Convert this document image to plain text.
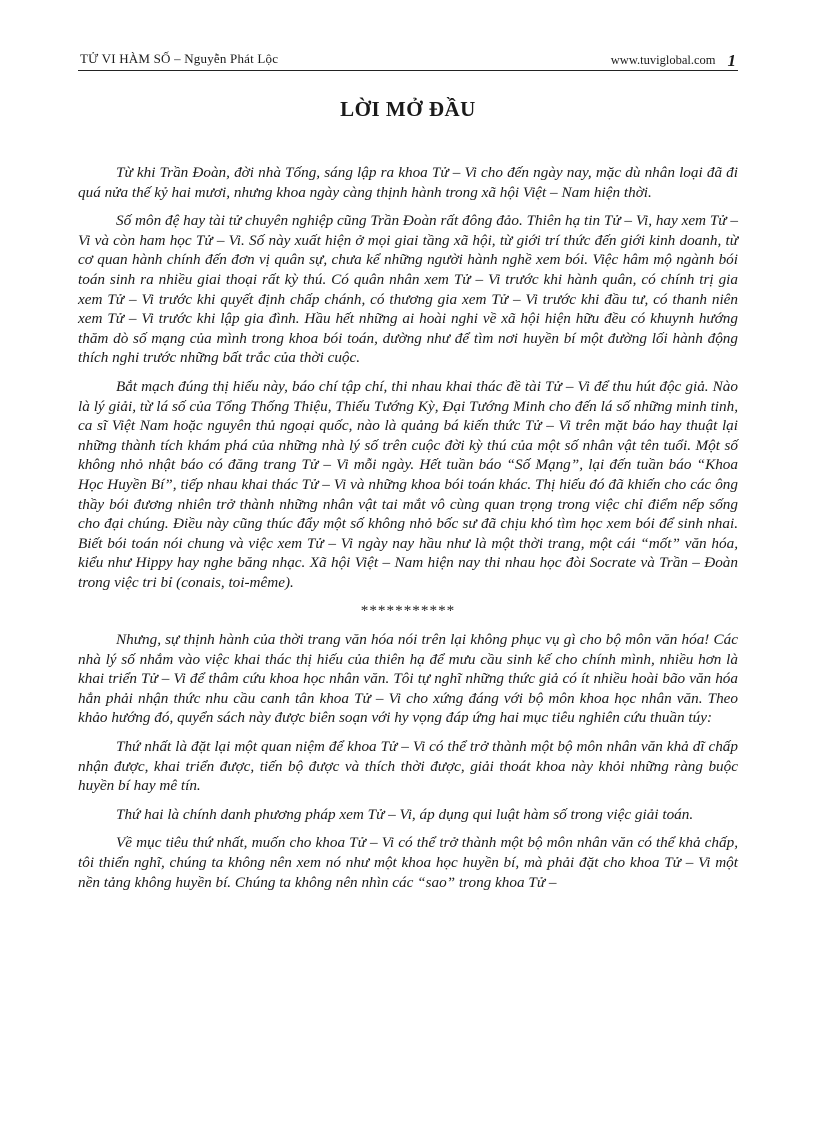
TỬ VI HÀM SỐ – Nguyễn Phát Lộc	www.tuviglobal.com 1
LỜI MỞ ĐẦU

Từ khi Trần Đoàn, đời nhà Tống, sáng lập ra khoa Tử – Vi cho đến ngày nay, mặc dù nhân loại đã đi quá nửa thế kỷ hai mươi, nhưng khoa ngày càng thịnh hành trong xã hội Việt – Nam hiện thời.

Số môn đệ hay tài tử chuyên nghiệp cũng Trần Đoàn rất đông đảo. Thiên hạ tin Tử – Vi, hay xem Tử – Vi và còn ham học Tử – Vi. Số này xuất hiện ở mọi giai tầng xã hội, từ giới trí thức đến giới kinh doanh, từ cơ quan hành chính đến đơn vị quân sự, chưa kể những người hành nghề xem bói. Việc hâm mộ ngành bói toán sinh ra nhiều giai thoại rất kỳ thú. Có quân nhân xem Tử – Vi trước khi hành quân, có chính trị gia xem Tử – Vi trước khi quyết định chấp chánh, có thương gia xem Tử – Vi trước khi đầu tư, có thanh niên xem Tử – Vi trước khi lập gia đình. Hầu hết những ai hoài nghi về xã hội hiện hữu đều có khuynh hướng thăm dò số mạng của mình trong khoa bói toán, dường như để tìm nơi huyền bí một đường lối hành động thích nghi trước những bất trắc của thời cuộc.

Bắt mạch đúng thị hiếu này, báo chí tập chí, thi nhau khai thác đề tài Tử – Vi để thu hút độc giả. Nào là lý giải, từ lá số của Tổng Thống Thiệu, Thiếu Tướng Kỳ, Đại Tướng Minh cho đến lá số những minh tinh, ca sĩ Việt Nam hoặc nguyên thủ ngoại quốc, nào là quảng bá kiến thức Tử – Vi trên mặt báo hay thuật lại những thành tích khám phá của những nhà lý số trên cuộc đời kỳ thú của một số nhân vật tên tuổi. Một số không nhỏ nhật báo có đăng trang Tử – Vi mỗi ngày. Hết tuần báo “Số Mạng”, lại đến tuần báo “Khoa Học Huyền Bí”, tiếp nhau khai thác Tử – Vi và những khoa bói toán khác. Thị hiếu đó đã khiến cho các ông thầy bói đương nhiên trở thành những nhân vật tai mắt vô cùng quan trọng trong việc chỉ điểm nếp sống cho đại chúng. Điều này cũng thúc đẩy một số không nhỏ bốc sư đã chịu khó tìm học xem bói để sinh nhai. Biết bói toán nói chung và việc xem Tử – Vi ngày nay hầu như là một thời trang, một cái “mốt” văn hóa, kiểu như Hippy hay nghe băng nhạc. Xã hội Việt – Nam hiện nay thi nhau học đòi Socrate và Trần – Đoàn trong việc tri bỉ (conais, toi-même).

***********

Nhưng, sự thịnh hành của thời trang văn hóa nói trên lại không phục vụ gì cho bộ môn văn hóa! Các nhà lý số nhắm vào việc khai thác thị hiếu của thiên hạ để mưu cầu sinh kế cho chính mình, nhiều hơn là khai triển Tử – Vi để thâm cứu khoa học nhân văn. Tôi tự nghĩ những thức giả có ít nhiều hoài bão văn hóa hẳn phải nhận thức nhu cầu canh tân khoa Tử – Vi cho xứng đáng với bộ môn khoa học nhân văn. Theo khảo hướng đó, quyển sách này được biên soạn với hy vọng đáp ứng hai mục tiêu nghiên cứu thuần túy:

Thứ nhất là đặt lại một quan niệm để khoa Tử – Vi có thể trở thành một bộ môn nhân văn khả dĩ chấp nhận được, khai triển được, tiến bộ được và thích thời được, giải thoát khoa này khỏi những ràng buộc huyền bí hay mê tín.

Thứ hai là chính danh phương pháp xem Tử – Vi, áp dụng qui luật hàm số trong việc giải toán.

Về mục tiêu thứ nhất, muốn cho khoa Tử – Vi có thể trở thành một bộ môn nhân văn có thể khả chấp, tôi thiển nghĩ, chúng ta không nên xem nó như một khoa học huyền bí, mà phải đặt cho khoa Tử – Vi một nền tảng không huyền bí. Chúng ta không nên nhìn các “sao” trong khoa Tử –
